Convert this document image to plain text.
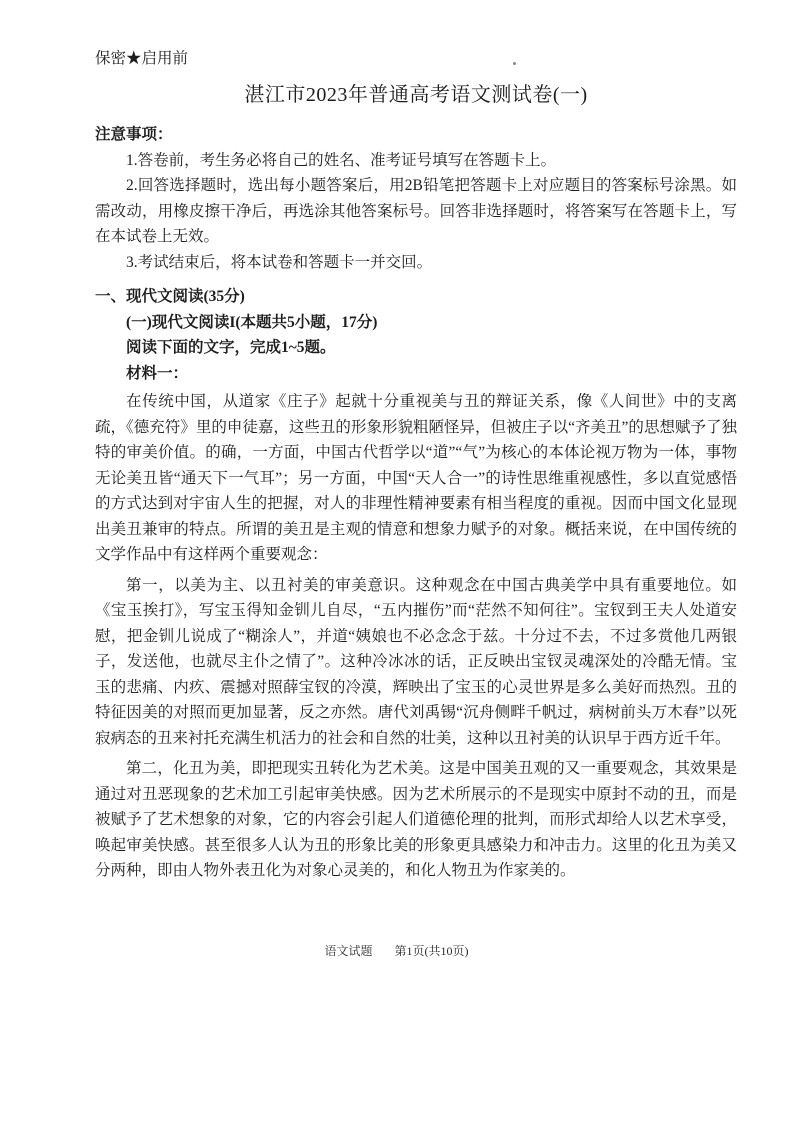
保密★启用前
湛江市2023年普通高考语文测试卷(一)
注意事项：

1.答卷前，考生务必将自己的姓名、准考证号填写在答题卡上。

2.回答选择题时，选出每小题答案后，用2B铅笔把答题卡上对应题目的答案标号涂黑。如需改动，用橡皮擦干净后，再选涂其他答案标号。回答非选择题时，将答案写在答题卡上，写在本试卷上无效。

3.考试结束后，将本试卷和答题卡一并交回。

一、现代文阅读(35分)
(一)现代文阅读I(本题共5小题，17分)
阅读下面的文字，完成1~5题。
材料一：

在传统中国，从道家《庄子》起就十分重视美与丑的辩证关系，像《人间世》中的支离疏，《德充符》里的申徒嘉，这些丑的形象形貌粗陋怪异，但被庄子以“齐美丑”的思想赋予了独特的审美价值。的确，一方面，中国古代哲学以“道”“气”为核心的本体论视万物为一体，事物无论美丑皆“通天下一气耳”；另一方面，中国“天人合一”的诗性思维重视感性，多以直觉感悟的方式达到对宇宙人生的把握，对人的非理性精神要素有相当程度的重视。因而中国文化显现出美丑兼审的特点。所谓的美丑是主观的情意和想象力赋予的对象。概括来说，在中国传统的文学作品中有这样两个重要观念：

第一，以美为主、以丑衬美的审美意识。这种观念在中国古典美学中具有重要地位。如《宝玉挨打》，写宝玉得知金钏儿自尽，“五内摧伤”而“茫然不知何往”。宝钗到王夫人处道安慰，把金钏儿说成了“糊涂人”，并道“姨娘也不必念念于兹。十分过不去，不过多赏他几两银子，发送他，也就尽主仆之情了”。这种冷冰冰的话，正反映出宝钗灵魂深处的冷酷无情。宝玉的悲痛、内疚、震撼对照薛宝钗的冷漠，辉映出了宝玉的心灵世界是多么美好而热烈。丑的特征因美的对照而更加显著，反之亦然。唐代刘禹锡“沉舟侧畔千帆过，病树前头万木春”以死寂病态的丑来衬托充满生机活力的社会和自然的壮美，这种以丑衬美的认识早于西方近千年。

第二，化丑为美，即把现实丑转化为艺术美。这是中国美丑观的又一重要观念，其效果是通过对丑恶现象的艺术加工引起审美快感。因为艺术所展示的不是现实中原封不动的丑，而是被赋予了艺术想象的对象，它的内容会引起人们道德伦理的批判，而形式却给人以艺术享受，唤起审美快感。甚至很多人认为丑的形象比美的形象更具感染力和冲击力。这里的化丑为美又分两种，即由人物外表丑化为对象心灵美的，和化人物丑为作家美的。

语文试题 第1页(共10页)
